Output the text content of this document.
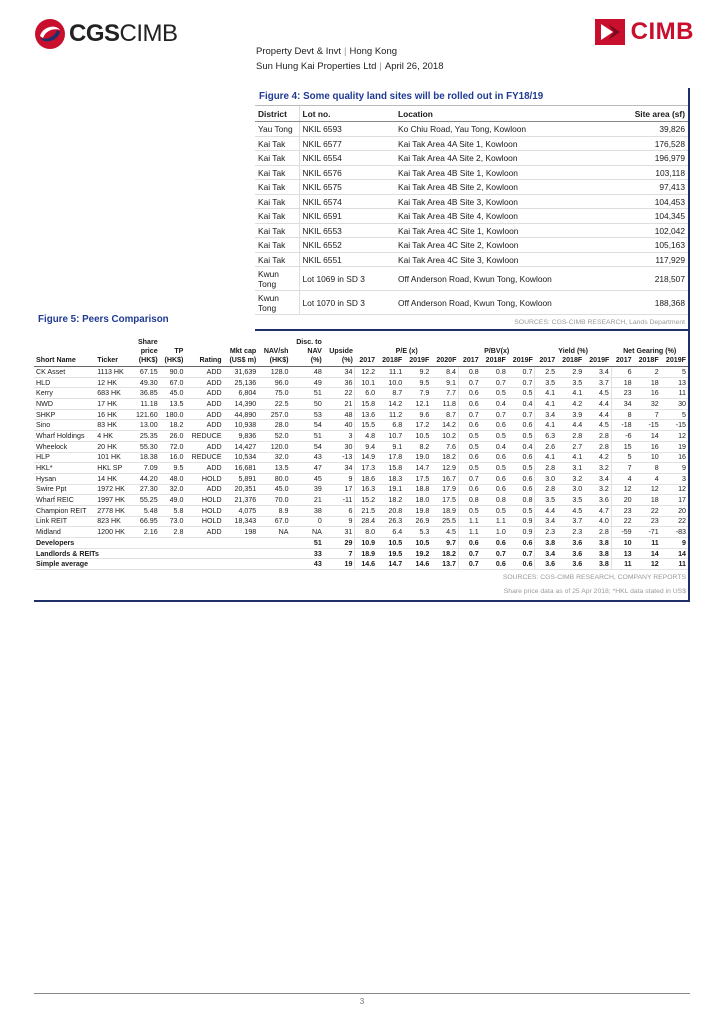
CGSCIMB	CIMB
Property Devt & Invt | Hong Kong
Sun Hung Kai Properties Ltd | April 26, 2018
Figure 4: Some quality land sites will be rolled out in FY18/19
District	Lot no.	Location	Site area (sf)
Yau Tong	NKIL 6593	Ko Chiu Road, Yau Tong, Kowloon	39,826
Kai Tak	NKIL 6577	Kai Tak Area 4A Site 1, Kowloon	176,528
Kai Tak	NKIL 6554	Kai Tak Area 4A Site 2, Kowloon	196,979
Kai Tak	NKIL 6576	Kai Tak Area 4B Site 1, Kowloon	103,118
Kai Tak	NKIL 6575	Kai Tak Area 4B Site 2, Kowloon	97,413
Kai Tak	NKIL 6574	Kai Tak Area 4B Site 3, Kowloon	104,453
Kai Tak	NKIL 6591	Kai Tak Area 4B Site 4, Kowloon	104,345
Kai Tak	NKIL 6553	Kai Tak Area 4C Site 1, Kowloon	102,042
Kai Tak	NKIL 6552	Kai Tak Area 4C Site 2, Kowloon	105,163
Kai Tak	NKIL 6551	Kai Tak Area 4C Site 3, Kowloon	117,929
Kwun Tong	Lot 1069 in SD 3	Off Anderson Road, Kwun Tong, Kowloon	218,507
Kwun Tong	Lot 1070 in SD 3	Off Anderson Road, Kwun Tong, Kowloon	188,368
SOURCES: CGS-CIMB RESEARCH, Lands Department
Figure 5: Peers Comparison
		Share					Disc. to														
		price	TP		Mkt cap	NAV/sh	NAV	Upside	P/E (x)				P/BV(x)			Yield (%)			Net Gearing (%)		
Short Name	Ticker	(HK$)	(HK$)	Rating	(US$ m)	(HK$)	(%)	(%)	2017	2018F	2019F	2020F	2017	2018F	2019F	2017	2018F	2019F	2017	2018F	2019F
CK Asset	1113 HK	67.15	90.0	ADD	31,639	128.0	48	34	12.2	11.1	9.2	8.4	0.8	0.8	0.7	2.5	2.9	3.4	6	2	5
HLD	12 HK	49.30	67.0	ADD	25,136	96.0	49	36	10.1	10.0	9.5	9.1	0.7	0.7	0.7	3.5	3.5	3.7	18	18	13
Kerry	683 HK	36.85	45.0	ADD	6,804	75.0	51	22	6.0	8.7	7.9	7.7	0.6	0.5	0.5	4.1	4.1	4.5	23	16	11
NWD	17 HK	11.18	13.5	ADD	14,390	22.5	50	21	15.8	14.2	12.1	11.8	0.6	0.4	0.4	4.1	4.2	4.4	34	32	30
SHKP	16 HK	121.60	180.0	ADD	44,890	257.0	53	48	13.6	11.2	9.6	8.7	0.7	0.7	0.7	3.4	3.9	4.4	8	7	5
Sino	83 HK	13.00	18.2	ADD	10,938	28.0	54	40	15.5	6.8	17.2	14.2	0.6	0.6	0.6	4.1	4.4	4.5	-18	-15	-15
Wharf Holdings	4 HK	25.35	26.0	REDUCE	9,836	52.0	51	3	4.8	10.7	10.5	10.2	0.5	0.5	0.5	6.3	2.8	2.8	-6	14	12
Wheelock	20 HK	55.30	72.0	ADD	14,427	120.0	54	30	9.4	9.1	8.2	7.6	0.5	0.4	0.4	2.6	2.7	2.8	15	16	19
HLP	101 HK	18.38	16.0	REDUCE	10,534	32.0	43	-13	14.9	17.8	19.0	18.2	0.6	0.6	0.6	4.1	4.1	4.2	5	10	16
HKL*	HKL SP	7.09	9.5	ADD	16,681	13.5	47	34	17.3	15.8	14.7	12.9	0.5	0.5	0.5	2.8	3.1	3.2	7	8	9
Hysan	14 HK	44.20	48.0	HOLD	5,891	80.0	45	9	18.6	18.3	17.5	16.7	0.7	0.6	0.6	3.0	3.2	3.4	4	4	3
Swire Ppt	1972 HK	27.30	32.0	ADD	20,351	45.0	39	17	16.3	19.1	18.8	17.9	0.6	0.6	0.6	2.8	3.0	3.2	12	12	12
Wharf REIC	1997 HK	55.25	49.0	HOLD	21,376	70.0	21	-11	15.2	18.2	18.0	17.5	0.8	0.8	0.8	3.5	3.5	3.6	20	18	17
Champion REIT	2778 HK	5.48	5.8	HOLD	4,075	8.9	38	6	21.5	20.8	19.8	18.9	0.5	0.5	0.5	4.4	4.5	4.7	23	22	20
Link REIT	823 HK	66.95	73.0	HOLD	18,343	67.0	0	9	28.4	26.3	26.9	25.5	1.1	1.1	0.9	3.4	3.7	4.0	22	23	22
Midland	1200 HK	2.16	2.8	ADD	198	NA	NA	31	8.0	6.4	5.3	4.5	1.1	1.0	0.9	2.3	2.3	2.8	-59	-71	-83
Developers							51	29	10.9	10.5	10.5	9.7	0.6	0.6	0.6	3.8	3.6	3.8	10	11	9
Landlords & REITs							33	7	18.9	19.5	19.2	18.2	0.7	0.7	0.7	3.4	3.6	3.8	13	14	14
Simple average							43	19	14.6	14.7	14.6	13.7	0.7	0.6	0.6	3.6	3.6	3.8	11	12	11
SOURCES: CGS-CIMB RESEARCH, COMPANY REPORTS
Share price data as of 25 Apr 2018; *HKL data stated in US$
3
